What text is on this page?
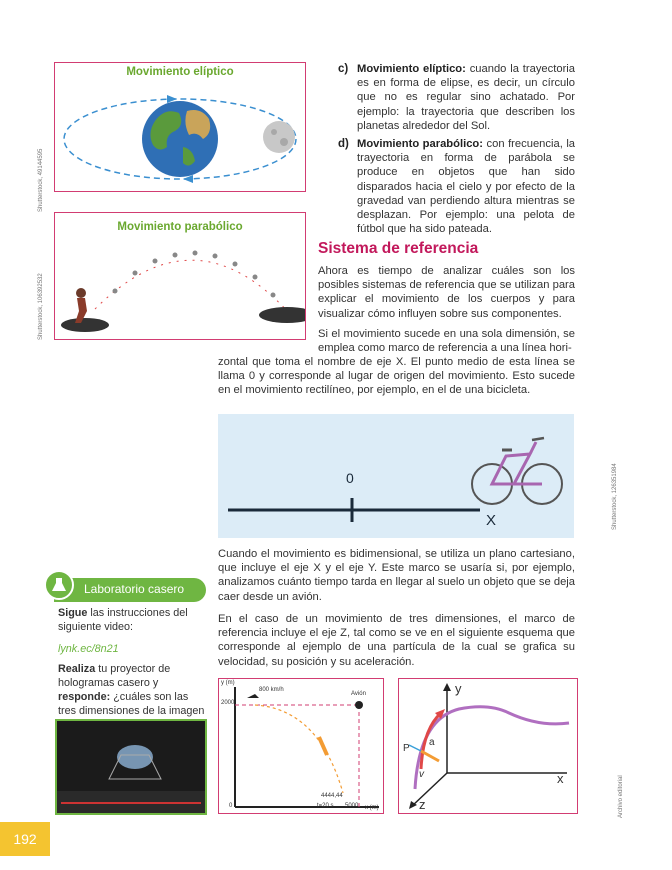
Shutterstock, 49144595
Shutterstock, 106392532
Shutterstock, 126351984
Archivo editorial
Movimiento elíptico
Movimiento parabólico
c) Movimiento elíptico: cuando la trayectoria es en forma de elipse, es decir, un círculo que no es regular sino achatado. Por ejemplo: la trayectoria que describen los planetas alrededor del Sol.
d) Movimiento parabólico: con frecuencia, la trayectoria en forma de parábola se produce en objetos que han sido disparados hacia el cielo y por efecto de la gravedad van perdiendo altura mientras se desplazan. Por ejemplo: una pelota de fútbol que ha sido pateada.
Sistema de referencia
Ahora es tiempo de analizar cuáles son los posibles sistemas de referencia que se utilizan para explicar el movimiento de los cuerpos y para visualizar cómo influyen sobre sus componentes.
Si el movimiento sucede en una sola dimensión, se emplea como marco de referencia a una línea hori-
zontal que toma el nombre de eje X. El punto medio de esta línea se llama 0 y corresponde al lugar de origen del movimiento. Esto sucede en el movimiento rectilíneo, por ejemplo, en el de una bicicleta.
0
X
Cuando el movimiento es bidimensional, se utiliza un plano cartesiano, que incluye el eje X y el eje Y. Este marco se usaría si, por ejemplo, analizamos cuánto tiempo tarda en llegar al suelo un objeto que se deja caer desde un avión.
En el caso de un movimiento de tres dimensiones, el marco de referencia incluye el eje Z, tal como se ve en el siguiente esquema que corresponde al ejemplo de una partícula de la cual se grafica su velocidad, su posición y su aceleración.
Laboratorio casero
Sigue las instrucciones del siguiente video:
lynk.ec/8n21
Realiza tu proyector de hologramas casero y responde: ¿cuáles son las tres dimensiones de la imagen
y (m)
800 km/h
Avión
2000
4444,44
t=20 s 5000 x (m)
0
y
x
z
P
a
v
192
